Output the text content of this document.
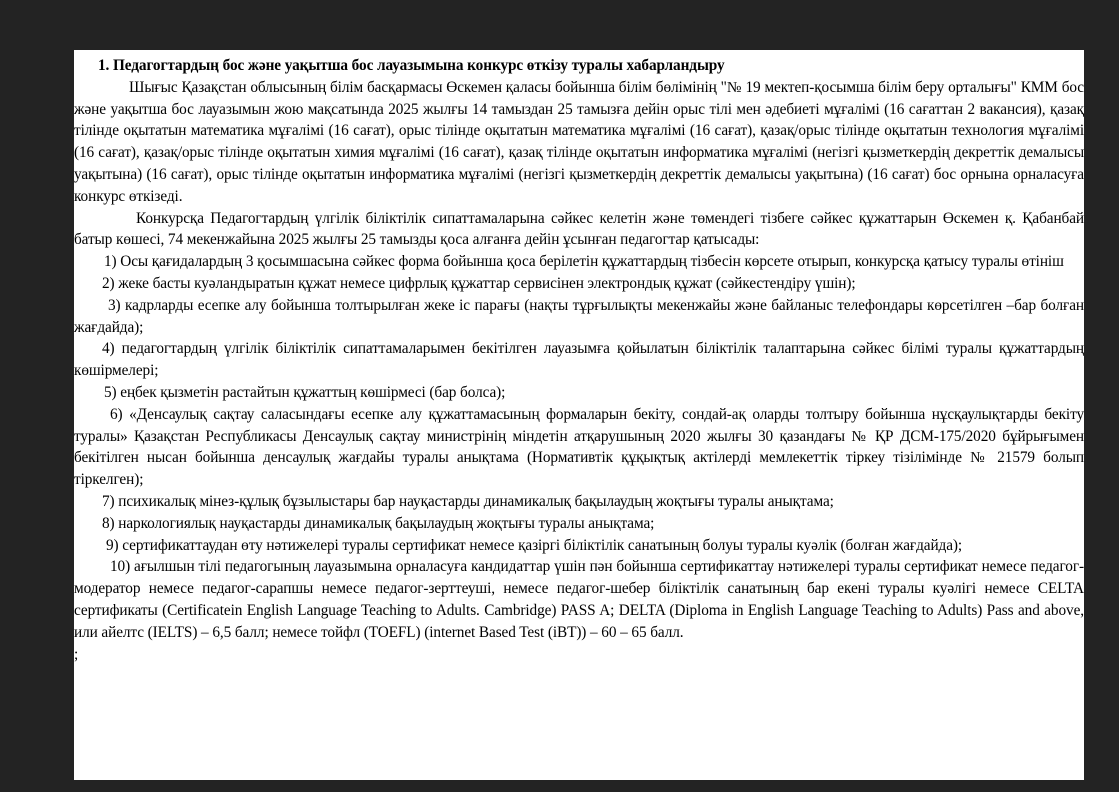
1. Педагогтардың бос және уақытша бос лауазымына конкурс өткізу туралы хабарландыру

Шығыс Қазақстан облысының білім басқармасы Өскемен қаласы бойынша білім бөлімінің "№ 19 мектеп-қосымша білім беру орталығы" КММ бос және уақытша бос лауазымын жою мақсатында 2025 жылғы 14 тамыздан 25 тамызға дейін орыс тілі мен әдебиеті мұғалімі (16 сағаттан 2 вакансия), қазақ тілінде оқытатын математика мұғалімі (16 сағат), орыс тілінде оқытатын математика мұғалімі (16 сағат), қазақ/орыс тілінде оқытатын технология мұғалімі (16 сағат), қазақ/орыс тілінде оқытатын химия мұғалімі (16 сағат), қазақ тілінде оқытатын информатика мұғалімі (негізгі қызметкердің декреттік демалысы уақытына) (16 сағат), орыс тілінде оқытатын информатика мұғалімі (негізгі қызметкердің декреттік демалысы уақытына) (16 сағат) бос орнына орналасуға конкурс өткізеді.

Конкурсқа Педагогтардың үлгілік біліктілік сипаттамаларына сәйкес келетін және төмендегі тізбеге сәйкес құжаттарын Өскемен қ. Қабанбай батыр көшесі, 74 мекенжайына 2025 жылғы 25 тамызды қоса алғанға дейін ұсынған педагогтар қатысады:

1) Осы қағидалардың 3 қосымшасына сәйкес форма бойынша қоса берілетін құжаттардың тізбесін көрсете отырып, конкурсқа қатысу туралы өтініш

2) жеке басты куәландыратын құжат немесе цифрлық құжаттар сервисінен электрондық құжат (сәйкестендіру үшін);

3) кадрларды есепке алу бойынша толтырылған жеке іс парағы (нақты тұрғылықты мекенжайы және байланыс телефондары көрсетілген –бар болған жағдайда);

4) педагогтардың үлгілік біліктілік сипаттамаларымен бекітілген лауазымға қойылатын біліктілік талаптарына сәйкес білімі туралы құжаттардың көшірмелері;

5) еңбек қызметін растайтын құжаттың көшірмесі (бар болса);

6) «Денсаулық сақтау саласындағы есепке алу құжаттамасының формаларын бекіту, сондай-ақ оларды толтыру бойынша нұсқаулықтарды бекіту туралы» Қазақстан Республикасы Денсаулық сақтау министрінің міндетін атқарушының 2020 жылғы 30 қазандағы № ҚР ДСМ-175/2020 бұйрығымен бекітілген нысан бойынша денсаулық жағдайы туралы анықтама (Нормативтік құқықтық актілерді мемлекеттік тіркеу тізілімінде № 21579 болып тіркелген);

7) психикалық мінез-құлық бұзылыстары бар науқастарды динамикалық бақылаудың жоқтығы туралы анықтама;

8) наркологиялық науқастарды динамикалық бақылаудың жоқтығы туралы анықтама;

9) сертификаттаудан өту нәтижелері туралы сертификат немесе қазіргі біліктілік санатының болуы туралы куәлік (болған жағдайда);

10) ағылшын тілі педагогының лауазымына орналасуға кандидаттар үшін пән бойынша сертификаттау нәтижелері туралы сертификат немесе педагог-модератор немесе педагог-сарапшы немесе педагог-зерттеуші, немесе педагог-шебер біліктілік санатының бар екені туралы куәлігі немесе CELTA сертификаты (Certificatein English Language Teaching to Adults. Cambridge) PASS A; DELTA (Diploma in English Language Teaching to Adults) Pass and above, или айелтс (IELTS) – 6,5 балл; немесе тойфл (TOEFL) (internet Based Test (iBT)) – 60 – 65 балл.

;
